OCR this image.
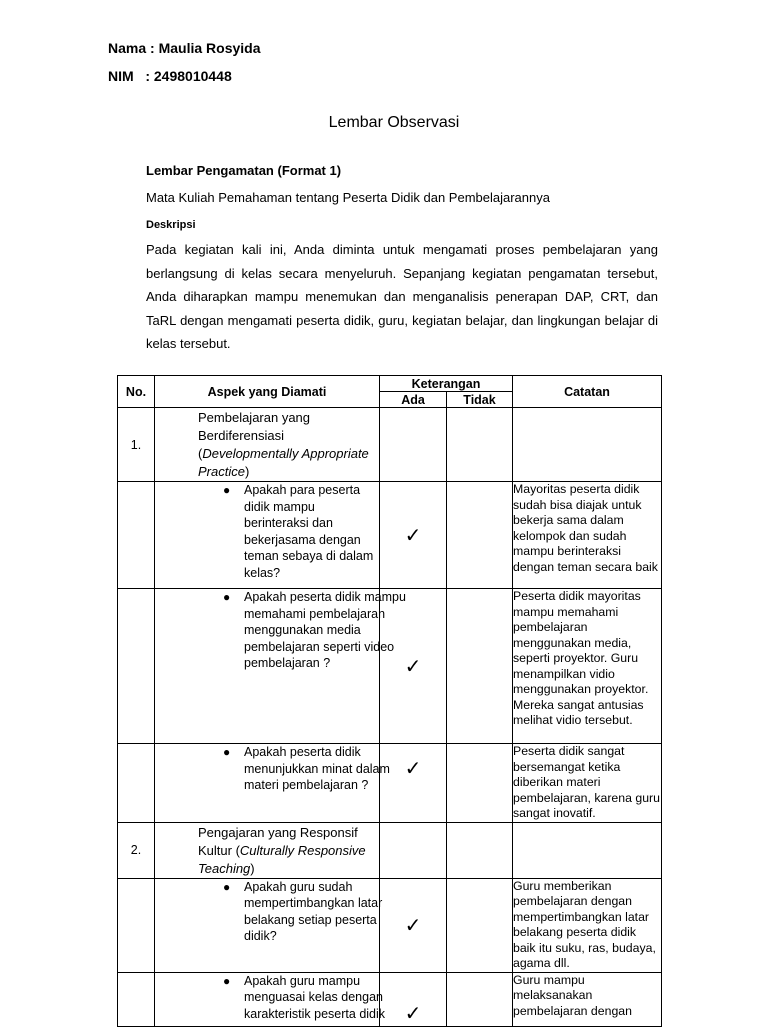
Nama : Maulia Rosyida
NIM   : 2498010448
Lembar Observasi
Lembar Pengamatan (Format 1)
Mata Kuliah Pemahaman tentang Peserta Didik dan Pembelajarannya
Deskripsi
Pada kegiatan kali ini, Anda diminta untuk mengamati proses pembelajaran yang berlangsung di kelas secara menyeluruh. Sepanjang kegiatan pengamatan tersebut, Anda diharapkan mampu menemukan dan menganalisis penerapan DAP, CRT, dan TaRL dengan mengamati peserta didik, guru, kegiatan belajar, dan lingkungan belajar di kelas tersebut.
No.	Aspek yang Diamati	Keterangan		Catatan
		Ada	Tidak	
1.	Pembelajaran yang Berdiferensiasi (Developmentally Appropriate Practice)			

	● Apakah para peserta didik mampu berinteraksi dan bekerjasama dengan teman sebaya di dalam kelas?	✓		Mayoritas peserta didik sudah bisa diajak untuk bekerja sama dalam kelompok dan sudah mampu berinteraksi dengan teman secara baik

	● Apakah peserta didik mampu memahami pembelajaran menggunakan media pembelajaran seperti video pembelajaran ?	✓		Peserta didik mayoritas mampu memahami pembelajaran menggunakan media, seperti proyektor. Guru menampilkan vidio menggunakan proyektor. Mereka sangat antusias melihat vidio tersebut.

	● Apakah peserta didik menunjukkan minat dalam materi pembelajaran ?	✓		Peserta didik sangat bersemangat ketika diberikan materi pembelajaran, karena guru sangat inovatif.
2.	Pengajaran yang Responsif Kultur (Culturally Responsive Teaching)			

	● Apakah guru sudah mempertimbangkan latar belakang setiap peserta didik?	✓		Guru memberikan pembelajaran dengan mempertimbangkan latar belakang peserta didik baik itu suku, ras, budaya, agama dll.

	● Apakah guru mampu menguasai kelas dengan karakteristik peserta didik	✓		Guru mampu melaksanakan pembelajaran dengan
